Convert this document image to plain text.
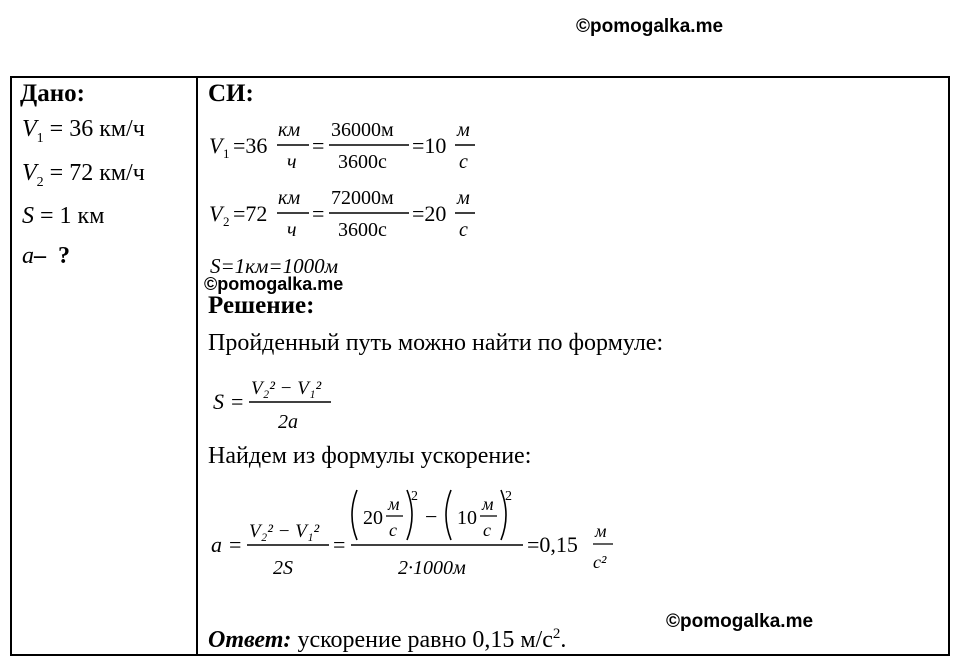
©pomogalka.me
©pomogalka.me
©pomogalka.me
Дано:
$V_1 = 36$ км/ч
$V_2 = 72$ км/ч
S = 1 км
a– ?
СИ:
V 1 =36
км
ч
=
36000м
3600с
=10
м
с
V 2 =72
км
ч
=
72000м
3600с
=20
м
с
S=1км=1000м
Решение:
Пройденный путь можно найти по формуле:
S =
V₂² − V₁²
2a
Найдем из формулы ускорение:
a =
V₂² − V₁²
2S
=
20
м
с
2
− 10
м
с
2
2·1000м
=0,15
м
с²
Ответ: ускорение равно 0,15 $м/с^2$.
